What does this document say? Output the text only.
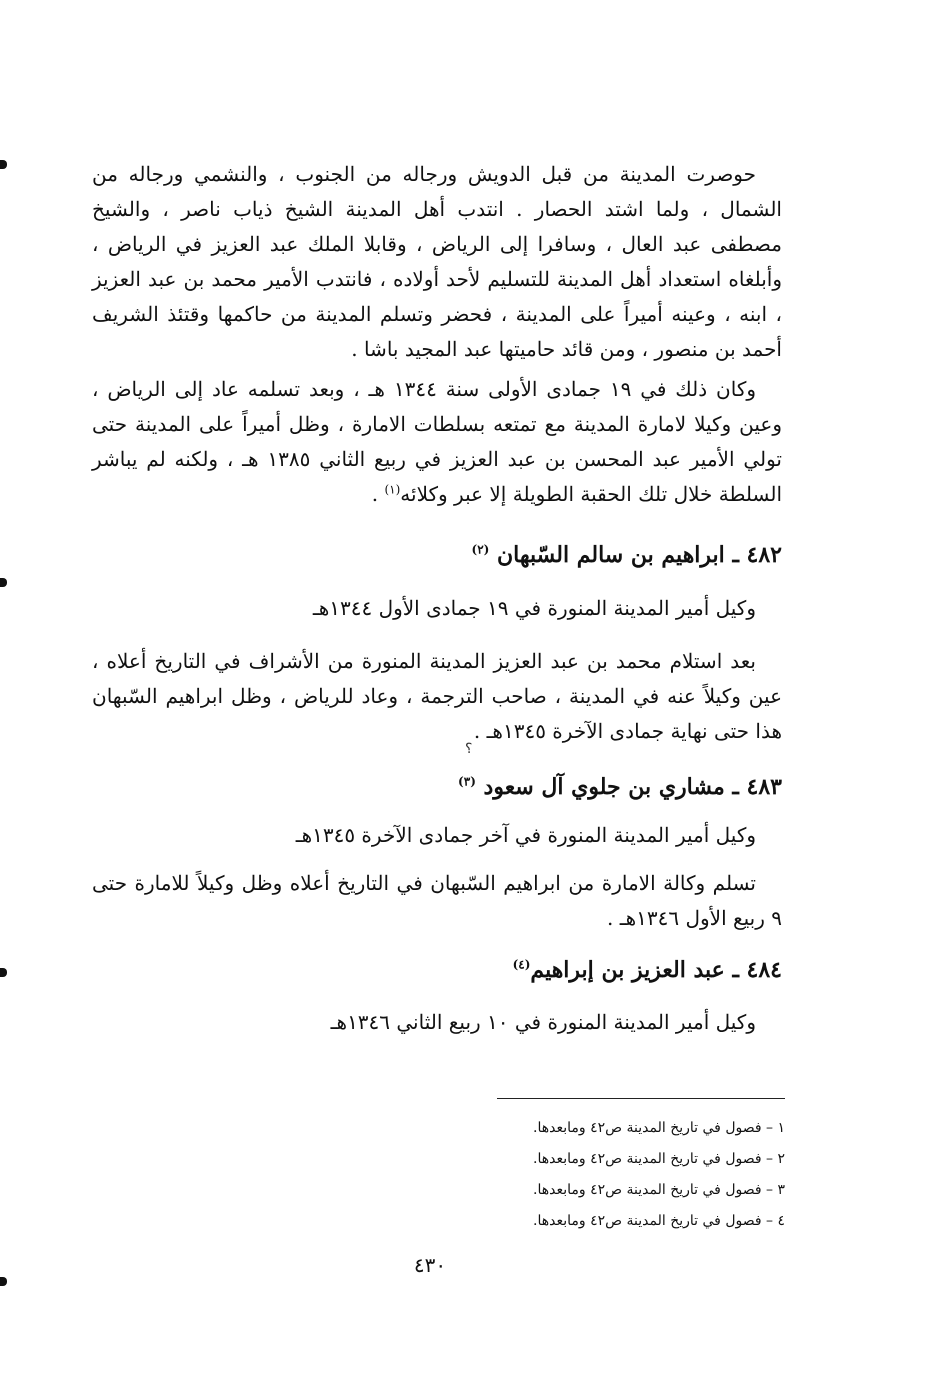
حوصرت المدينة من قبل الدويش ورجاله من الجنوب ، والنشمي ورجاله من الشمال ، ولما اشتد الحصار . انتدب أهل المدينة الشيخ ذياب ناصر ، والشيخ مصطفى عبد العال ، وسافرا إلى الرياض ، وقابلا الملك عبد العزيز في الرياض ، وأبلغاه استعداد أهل المدينة للتسليم لأحد أولاده ، فانتدب الأمير محمد بن عبد العزيز ، ابنه ، وعينه أميراً على المدينة ، فحضر وتسلم المدينة من حاكمها وقتئذ الشريف أحمد بن منصور ، ومن قائد حاميتها عبد المجيد باشا .

وكان ذلك في ١٩ جمادى الأولى سنة ١٣٤٤ هـ ، وبعد تسلمه عاد إلى الرياض ، وعين وكيلا لامارة المدينة مع تمتعه بسلطات الامارة ، وظل أميراً على المدينة حتى تولي الأمير عبد المحسن بن عبد العزيز في ربيع الثاني ١٣٨٥ هـ ، ولكنه لم يباشر السلطة خلال تلك الحقبة الطويلة إلا عبر وكلائه$^{(١)}$ .

٤٨٢ ـ ابراهيم بن سالم السّبهان $^{(٢)}$

وكيل أمير المدينة المنورة في ١٩ جمادى الأول ١٣٤٤هـ

بعد استلام محمد بن عبد العزيز المدينة المنورة من الأشراف في التاريخ أعلاه ، عين وكيلاً عنه في المدينة ، صاحب الترجمة ، وعاد للرياض ، وظل ابراهيم السّبهان هذا حتى نهاية جمادى الآخرة ١٣٤٥هـ .

؟
٤٨٣ ـ مشاري بن جلوي آل سعود $^{(٣)}$

وكيل أمير المدينة المنورة في آخر جمادى الآخرة ١٣٤٥هـ

تسلم وكالة الامارة من ابراهيم السّبهان في التاريخ أعلاه وظل وكيلاً للامارة حتى ٩ ربيع الأول ١٣٤٦هـ .

٤٨٤ ـ عبد العزيز بن إبراهيم$^{(٤)}$

وكيل أمير المدينة المنورة في ١٠ ربيع الثاني ١٣٤٦هـ

١ – فصول في تاريخ المدينة ص٤٢ ومابعدها.
٢ – فصول في تاريخ المدينة ص٤٢ ومابعدها.
٣ – فصول في تاريخ المدينة ص٤٢ ومابعدها.
٤ – فصول في تاريخ المدينة ص٤٢ ومابعدها.
٤٣٠
